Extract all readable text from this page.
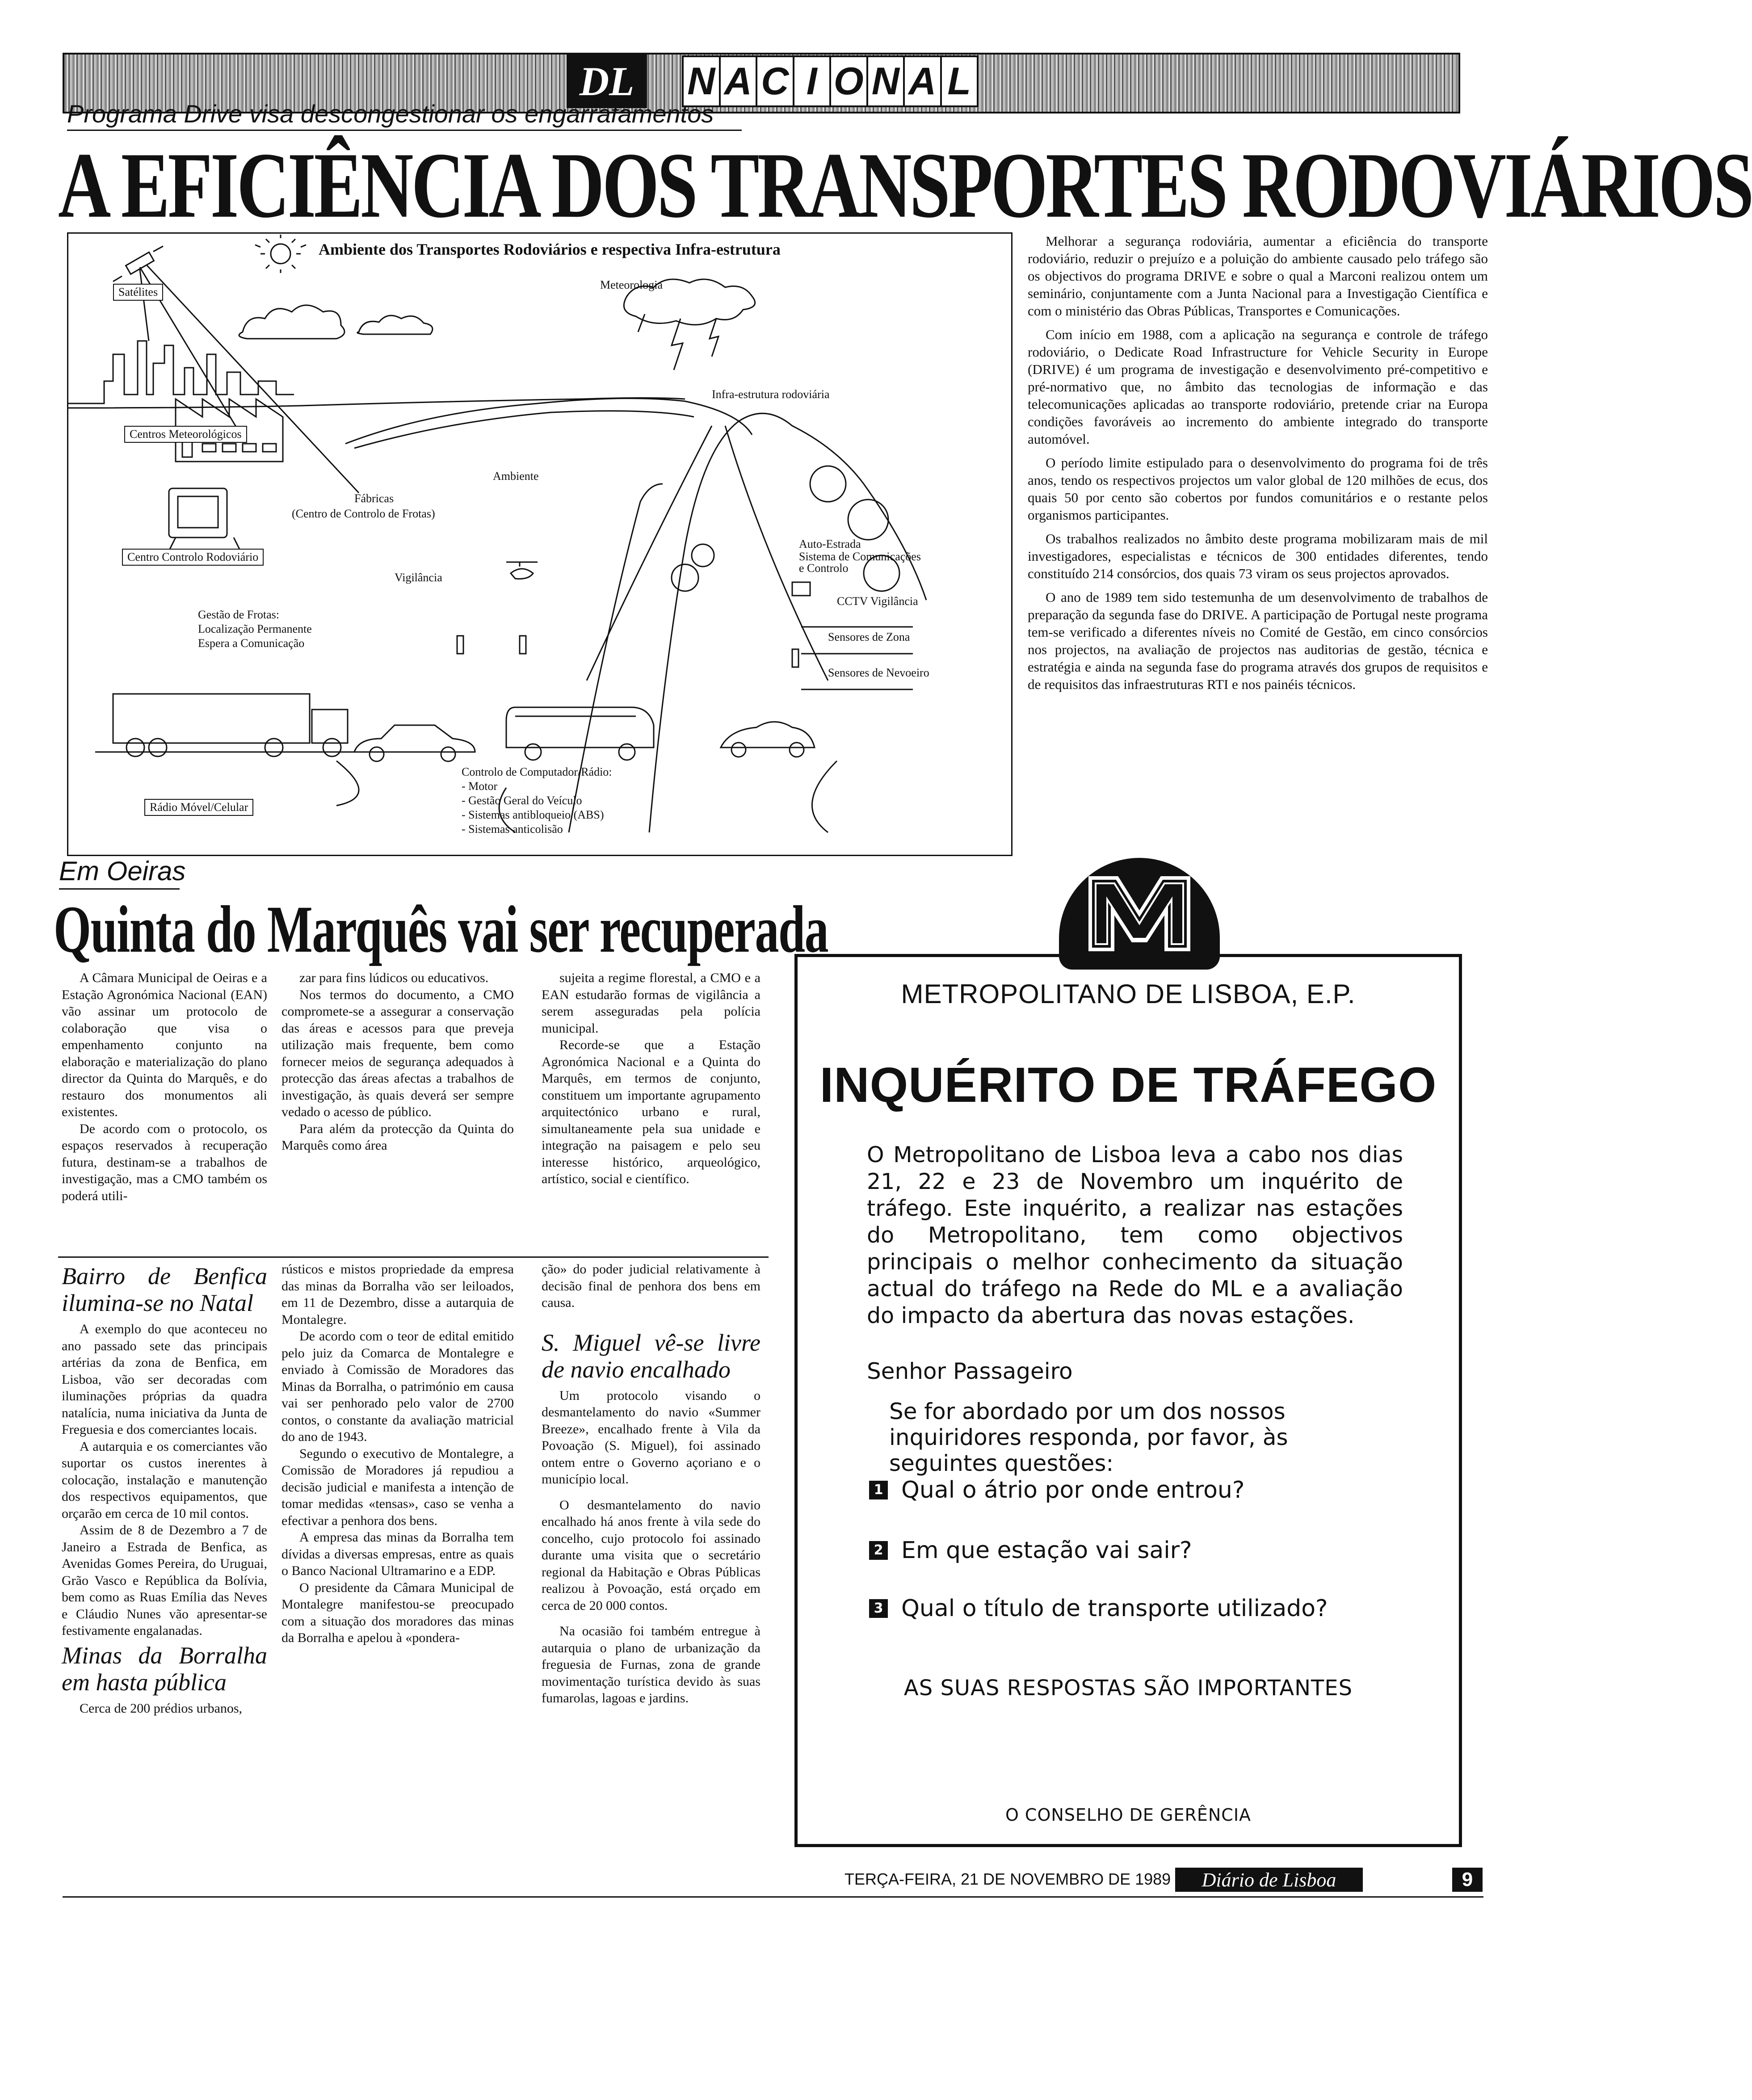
DL	N A C I O N A L
Programa Drive visa descongestionar os engarrafamentos
A EFICIÊNCIA DOS TRANSPORTES RODOVIÁRIOS
Ambiente dos Transportes Rodoviários e respectiva Infra-estrutura
Satélites
Meteorologia
Centros Meteorológicos
Infra-estrutura rodoviária
Ambiente
Fábricas
(Centro de Controlo de Frotas)
Centro Controlo Rodoviário
Vigilância
Gestão de Frotas:
Localização Permanente
Espera a Comunicação
Auto-Estrada
Sistema de Comunicações
e Controlo
CCTV Vigilância
Sensores de Zona
Sensores de Nevoeiro
Rádio Móvel/Celular
Controlo de Computador/Rádio:
- Motor
- Gestão Geral do Veículo
- Sistemas antibloqueio (ABS)
- Sistemas anticolisão

Melhorar a segurança rodoviária, aumentar a eficiência do transporte rodoviário, reduzir o prejuízo e a poluição do ambiente causado pelo tráfego são os objectivos do programa DRIVE e sobre o qual a Marconi realizou ontem um seminário, conjuntamente com a Junta Nacional para a Investigação Científica e com o ministério das Obras Públicas, Transportes e Comunicações.

Com início em 1988, com a aplicação na segurança e controle de tráfego rodoviário, o Dedicate Road Infrastructure for Vehicle Security in Europe (DRIVE) é um programa de investigação e desenvolvimento pré-competitivo e pré-normativo que, no âmbito das tecnologias de informação e das telecomunicações aplicadas ao transporte rodoviário, pretende criar na Europa condições favoráveis ao incremento do ambiente integrado do transporte automóvel.

O período limite estipulado para o desenvolvimento do programa foi de três anos, tendo os respectivos projectos um valor global de 120 milhões de ecus, dos quais 50 por cento são cobertos por fundos comunitários e o restante pelos organismos participantes.

Os trabalhos realizados no âmbito deste programa mobilizaram mais de mil investigadores, especialistas e técnicos de 300 entidades diferentes, tendo constituído 214 consórcios, dos quais 73 viram os seus projectos aprovados.

O ano de 1989 tem sido testemunha de um desenvolvimento de trabalhos de preparação da segunda fase do DRIVE. A participação de Portugal neste programa tem-se verificado a diferentes níveis no Comité de Gestão, em cinco consórcios nos projectos, na avaliação de projectos nas auditorias de gestão, técnica e estratégia e ainda na segunda fase do programa através dos grupos de requisitos e de requisitos das infraestruturas RTI e nos painéis técnicos.

Em Oeiras
Quinta do Marquês vai ser recuperada

A Câmara Municipal de Oeiras e a Estação Agronómica Nacional (EAN) vão assinar um protocolo de colaboração que visa o empenhamento conjunto na elaboração e materialização do plano director da Quinta do Marquês, e do restauro dos monumentos ali existentes.

De acordo com o protocolo, os espaços reservados à recuperação futura, destinam-se a trabalhos de investigação, mas a CMO também os poderá utili-

zar para fins lúdicos ou educativos.

Nos termos do documento, a CMO compromete-se a assegurar a conservação das áreas e acessos para que preveja utilização mais frequente, bem como fornecer meios de segurança adequados à protecção das áreas afectas a trabalhos de investigação, às quais deverá ser sempre vedado o acesso de público.

Para além da protecção da Quinta do Marquês como área

sujeita a regime florestal, a CMO e a EAN estudarão formas de vigilância a serem asseguradas pela polícia municipal.

Recorde-se que a Estação Agronómica Nacional e a Quinta do Marquês, em termos de conjunto, constituem um importante agrupamento arquitectónico urbano e rural, simultaneamente pela sua unidade e integração na paisagem e pelo seu interesse histórico, arqueológico, artístico, social e científico.

Bairro de Benfica ilumina-se no Natal

A exemplo do que aconteceu no ano passado sete das principais artérias da zona de Benfica, em Lisboa, vão ser decoradas com iluminações próprias da quadra natalícia, numa iniciativa da Junta de Freguesia e dos comerciantes locais.

A autarquia e os comerciantes vão suportar os custos inerentes à colocação, instalação e manutenção dos respectivos equipamentos, que orçarão em cerca de 10 mil contos.

Assim de 8 de Dezembro a 7 de Janeiro a Estrada de Benfica, as Avenidas Gomes Pereira, do Uruguai, Grão Vasco e República da Bolívia, bem como as Ruas Emília das Neves e Cláudio Nunes vão apresentar-se festivamente engalanadas.

Minas da Borralha em hasta pública

Cerca de 200 prédios urbanos,

rústicos e mistos propriedade da empresa das minas da Borralha vão ser leiloados, em 11 de Dezembro, disse a autarquia de Montalegre.

De acordo com o teor de edital emitido pelo juiz da Comarca de Montalegre e enviado à Comissão de Moradores das Minas da Borralha, o património em causa vai ser penhorado pelo valor de 2700 contos, o constante da avaliação matricial do ano de 1943.

Segundo o executivo de Montalegre, a Comissão de Moradores já repudiou a decisão judicial e manifesta a intenção de tomar medidas «tensas», caso se venha a efectivar a penhora dos bens.

A empresa das minas da Borralha tem dívidas a diversas empresas, entre as quais o Banco Nacional Ultramarino e a EDP.

O presidente da Câmara Municipal de Montalegre manifestou-se preocupado com a situação dos moradores das minas da Borralha e apelou à «pondera-

ção» do poder judicial relativamente à decisão final de penhora dos bens em causa.

S. Miguel vê-se livre de navio encalhado

Um protocolo visando o desmantelamento do navio «Summer Breeze», encalhado frente à Vila da Povoação (S. Miguel), foi assinado ontem entre o Governo açoriano e o município local.

O desmantelamento do navio encalhado há anos frente à vila sede do concelho, cujo protocolo foi assinado durante uma visita que o secretário regional da Habitação e Obras Públicas realizou à Povoação, está orçado em cerca de 20 000 contos.

Na ocasião foi também entregue à autarquia o plano de urbanização da freguesia de Furnas, zona de grande movimentação turística devido às suas fumarolas, lagoas e jardins.

METROPOLITANO DE LISBOA, E.P.
INQUÉRITO DE TRÁFEGO
O Metropolitano de Lisboa leva a cabo nos dias 21, 22 e 23 de Novembro um inquérito de tráfego. Este inquérito, a realizar nas estações do Metropolitano, tem como objectivos principais o melhor conhecimento da situação actual do tráfego na Rede do ML e a avaliação do impacto da abertura das novas estações.
Senhor Passageiro
Se for abordado por um dos nossos inquiridores responda, por favor, às seguintes questões:
1 Qual o átrio por onde entrou?
2 Em que estação vai sair?
3 Qual o título de transporte utilizado?
AS SUAS RESPOSTAS SÃO IMPORTANTES
O CONSELHO DE GERÊNCIA
TERÇA-FEIRA, 21 DE NOVEMBRO DE 1989	Diário de Lisboa	9
